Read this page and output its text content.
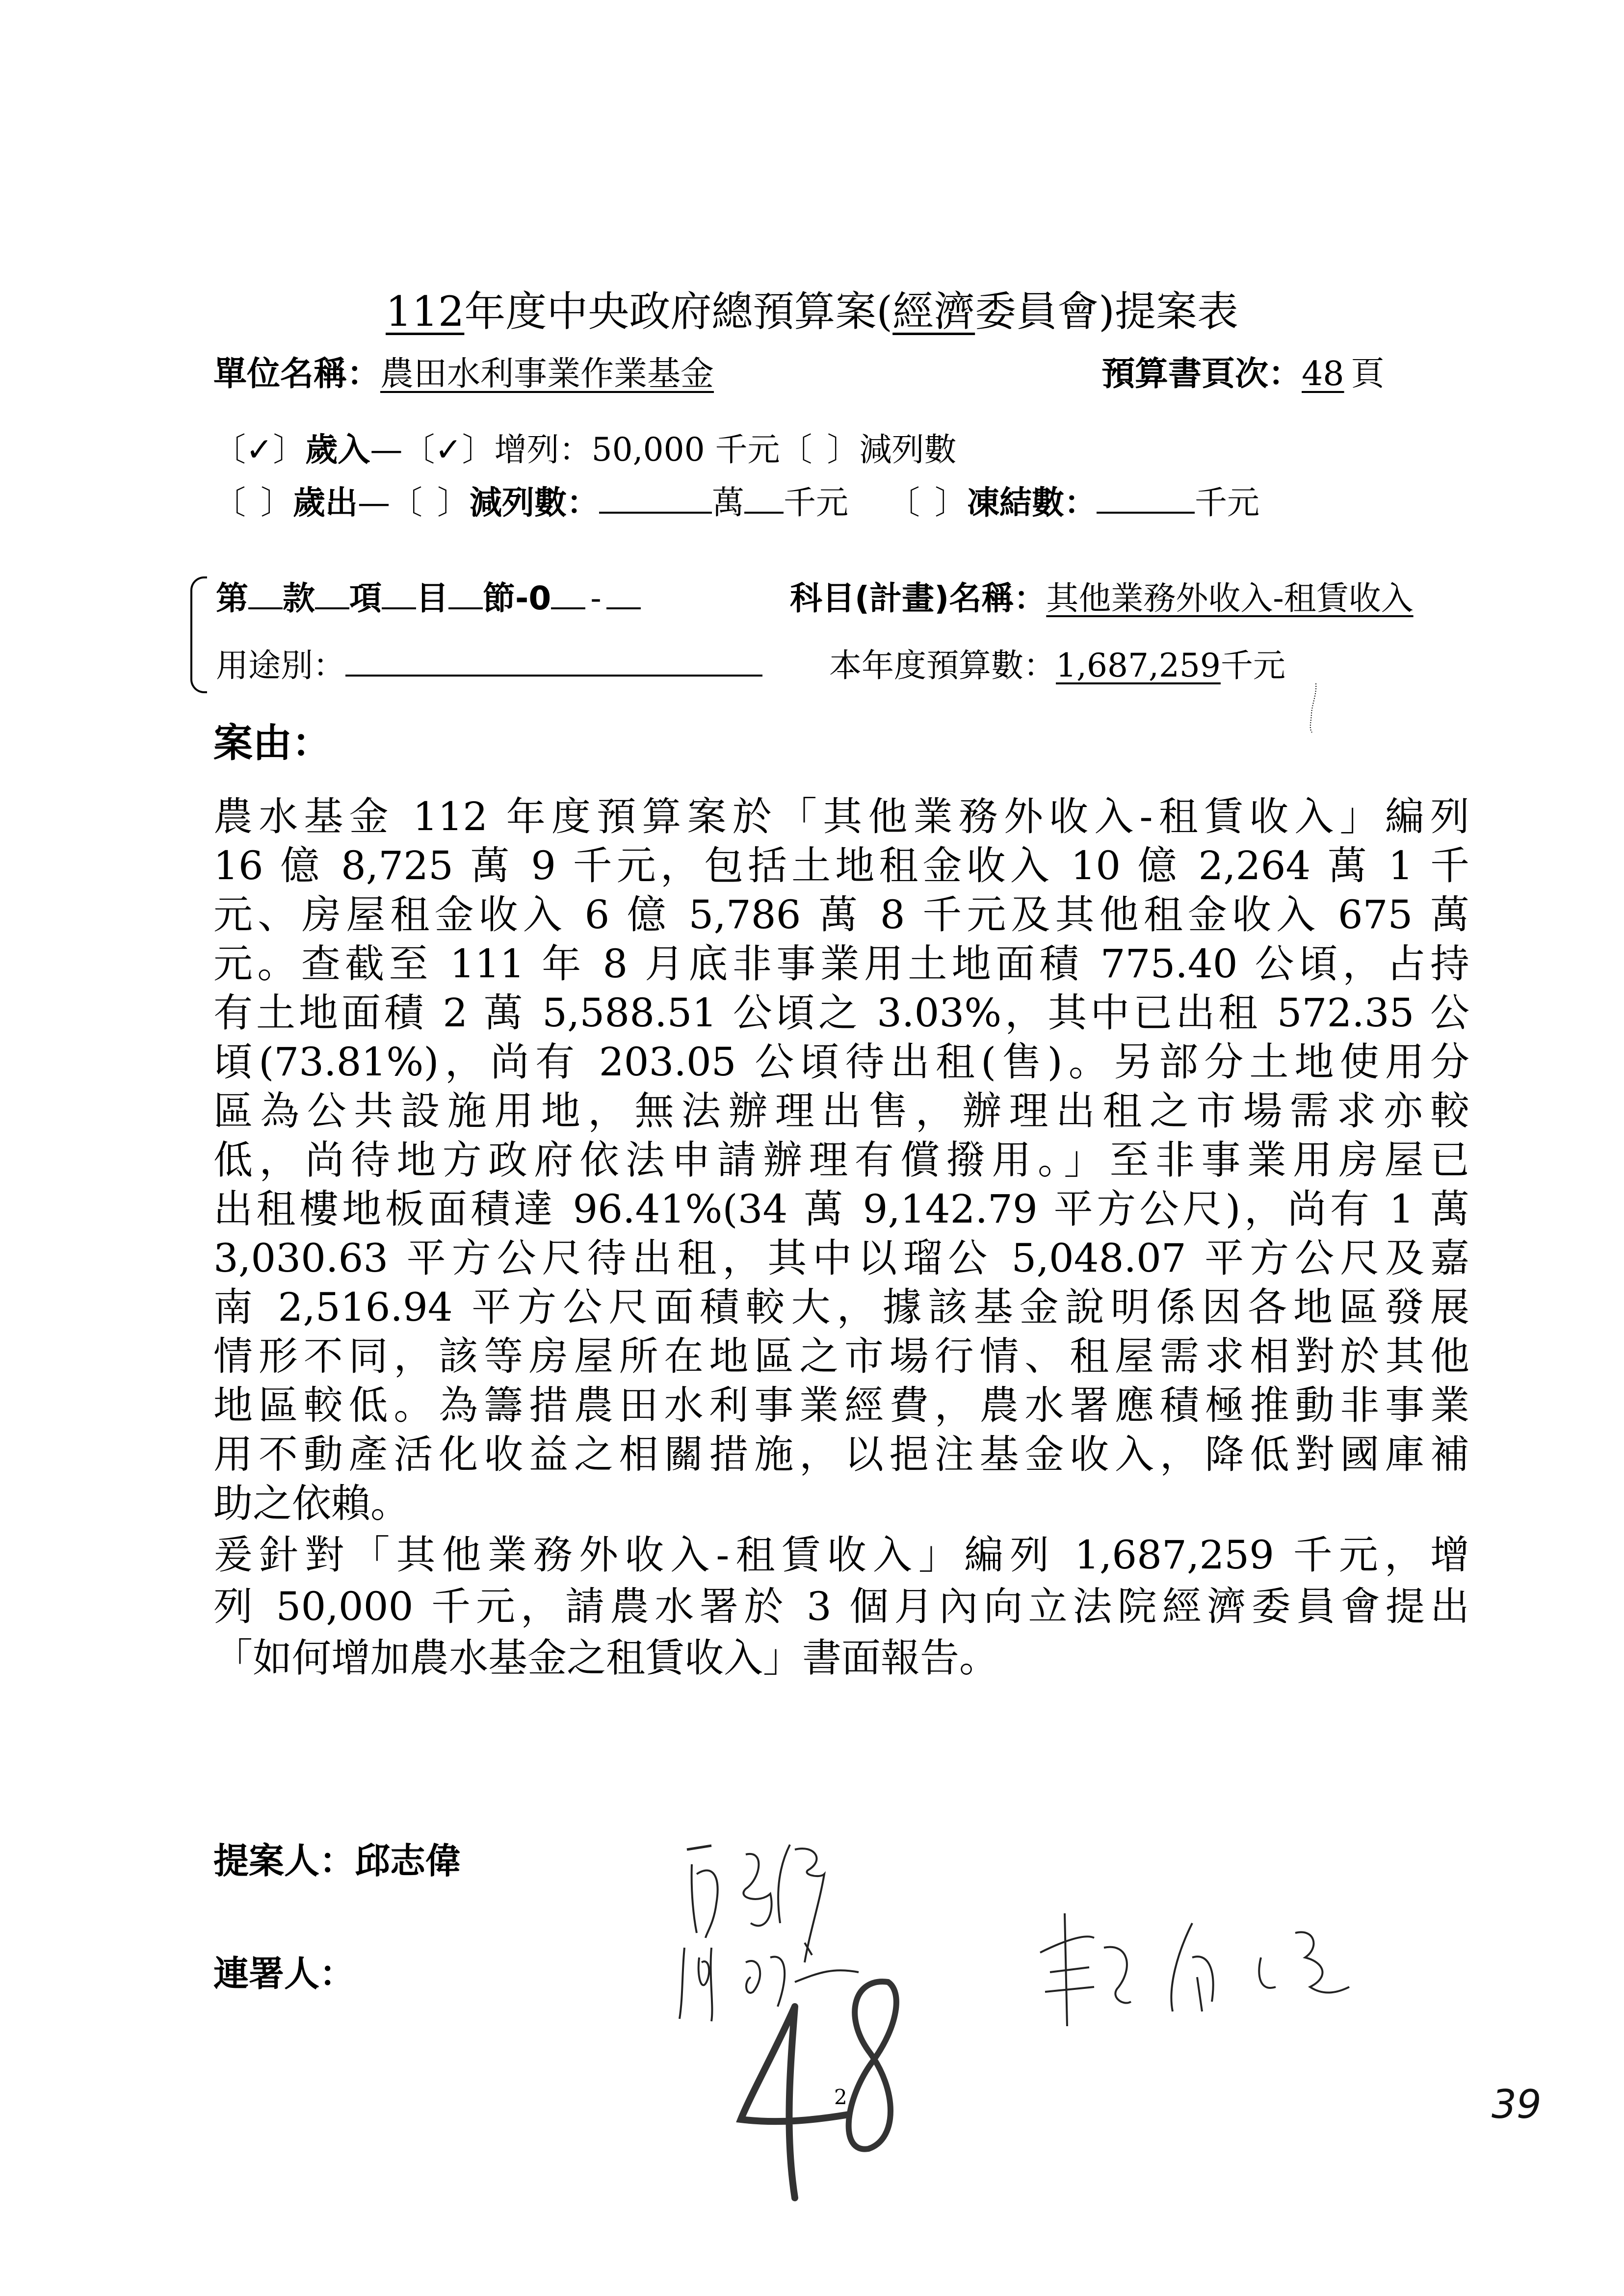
112年度中央政府總預算案(經濟委員會)提案表
單位名稱：農田水利事業作業基金	預算書頁次：48 頁
〔✓〕歲入—〔✓〕增列：50,000 千元〔 〕減列數
〔 〕歲出—〔 〕減列數：	萬 千元 〔 〕凍結數：	千元
第 款 項 目 節-0 -	科目(計畫)名稱：其他業務外收入-租賃收入
用途別：	本年度預算數：1,687,259千元
案由：
農水基金 112 年度預算案於「其他業務外收入-租賃收入」編列
16 億 8,725 萬 9 千元，包括土地租金收入 10 億 2,264 萬 1 千
元、房屋租金收入 6 億 5,786 萬 8 千元及其他租金收入 675 萬
元。查截至 111 年 8 月底非事業用土地面積 775.40 公頃，占持
有土地面積 2 萬 5,588.51 公頃之 3.03%，其中已出租 572.35 公
頃(73.81%)，尚有 203.05 公頃待出租(售)。另部分土地使用分
區為公共設施用地，無法辦理出售，辦理出租之市場需求亦較
低，尚待地方政府依法申請辦理有償撥用。」至非事業用房屋已
出租樓地板面積達 96.41%(34 萬 9,142.79 平方公尺)，尚有 1 萬
3,030.63 平方公尺待出租，其中以瑠公 5,048.07 平方公尺及嘉
南 2,516.94 平方公尺面積較大，據該基金說明係因各地區發展
情形不同，該等房屋所在地區之市場行情、租屋需求相對於其他
地區較低。為籌措農田水利事業經費，農水署應積極推動非事業
用不動產活化收益之相關措施，以挹注基金收入，降低對國庫補
助之依賴。
爰針對「其他業務外收入-租賃收入」編列 1,687,259 千元，增
列 50,000 千元，請農水署於 3 個月內向立法院經濟委員會提出
「如何增加農水基金之租賃收入」書面報告。
提案人：邱志偉
連署人：
2	39
